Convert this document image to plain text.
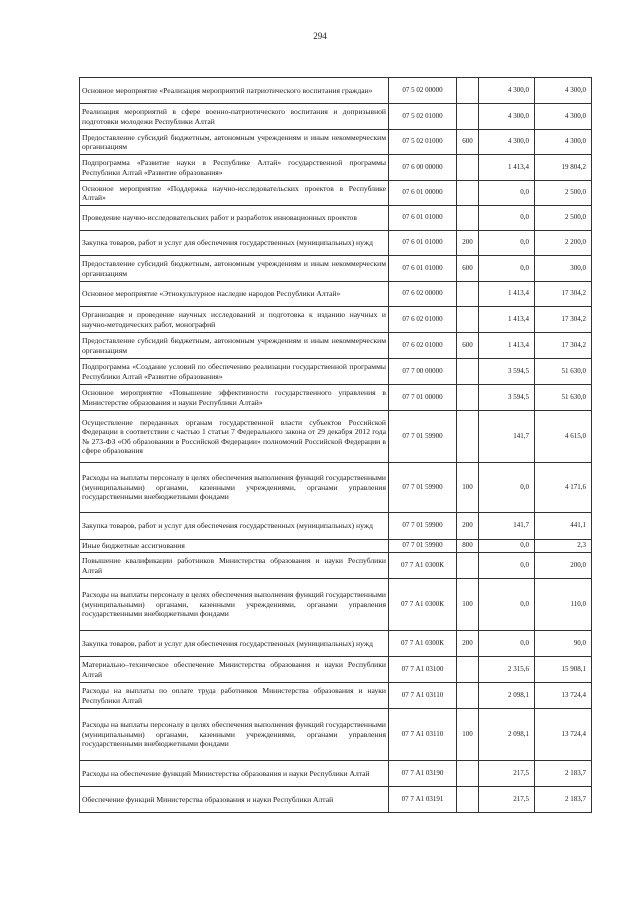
294
Основное мероприятие «Реализация мероприятий патриотического воспитания граждан»	07 5 02 00000		4 300,0	4 300,0
Реализация мероприятий в сфере военно-патриотического воспитания и допризывной подготовки молодежи Республики Алтай	07 5 02 01000		4 300,0	4 300,0
Предоставление субсидий бюджетным, автономным учреждениям и иным некоммерческим организациям	07 5 02 01000	600	4 300,0	4 300,0
Подпрограмма «Развитие науки в Республике Алтай» государственной программы Республики Алтай «Развитие образования»	07 6 00 00000		1 413,4	19 804,2
Основное мероприятие «Поддержка научно-исследовательских проектов в Республике Алтай»	07 6 01 00000		0,0	2 500,0
Проведение научно-исследовательских работ и разработок инновационных проектов	07 6 01 01000		0,0	2 500,0
Закупка товаров, работ и услуг для обеспечения государственных (муниципальных) нужд	07 6 01 01000	200	0,0	2 200,0
Предоставление субсидий бюджетным, автономным учреждениям и иным некоммерческим организациям	07 6 01 01000	600	0,0	300,0
Основное мероприятие «Этнокультурное наследие народов Республики Алтай»	07 6 02 00000		1 413,4	17 304,2
Организация и проведение научных исследований и подготовка к изданию научных и научно-методических работ, монографий	07 6 02 01000		1 413,4	17 304,2
Предоставление субсидий бюджетным, автономным учреждениям и иным некоммерческим организациям	07 6 02 01000	600	1 413,4	17 304,2
Подпрограмма «Создание условий по обеспечению реализации государственной программы Республики Алтай «Развитие образования»	07 7 00 00000		3 594,5	51 630,0
Основное мероприятие «Повышение эффективности государственного управления в Министерстве образования и науки Республики Алтай»	07 7 01 00000		3 594,5	51 630,0
Осуществление переданных органам государственной власти субъектов Российской Федерации в соответствии с частью 1 статьи 7 Федерального закона от 29 декабря 2012 года № 273-ФЗ «Об образовании в Российской Федерации» полномочий Российской Федерации в сфере образования	07 7 01 59900		141,7	4 615,0
Расходы на выплаты персоналу в целях обеспечения выполнения функций государственными (муниципальными) органами, казенными учреждениями, органами управления государственными внебюджетными фондами	07 7 01 59900	100	0,0	4 171,6
Закупка товаров, работ и услуг для обеспечения государственных (муниципальных) нужд	07 7 01 59900	200	141,7	441,1
Иные бюджетные ассигнования	07 7 01 59900	800	0,0	2,3
Повышение квалификации работников Министерства образования и науки Республики Алтай	07 7 А1 0300К		0,0	200,0
Расходы на выплаты персоналу в целях обеспечения выполнения функций государственными (муниципальными) органами, казенными учреждениями, органами управления государственными внебюджетными фондами	07 7 А1 0300К	100	0,0	110,0
Закупка товаров, работ и услуг для обеспечения государственных (муниципальных) нужд	07 7 А1 0300К	200	0,0	90,0
Материально–техническое обеспечение Министерства образования и науки Республики Алтай	07 7 А1 03100		2 315,6	15 908,1
Расходы на выплаты по оплате труда работников Министерства образования и науки Республики Алтай	07 7 А1 03110		2 098,1	13 724,4
Расходы на выплаты персоналу в целях обеспечения выполнения функций государственными (муниципальными) органами, казенными учреждениями, органами управления государственными внебюджетными фондами	07 7 А1 03110	100	2 098,1	13 724,4
Расходы на обеспечение функций Министерства образования и науки Республики Алтай	07 7 А1 03190		217,5	2 183,7
Обеспечение функций Министерства образования и науки Республики Алтай	07 7 А1 03191		217,5	2 183,7
